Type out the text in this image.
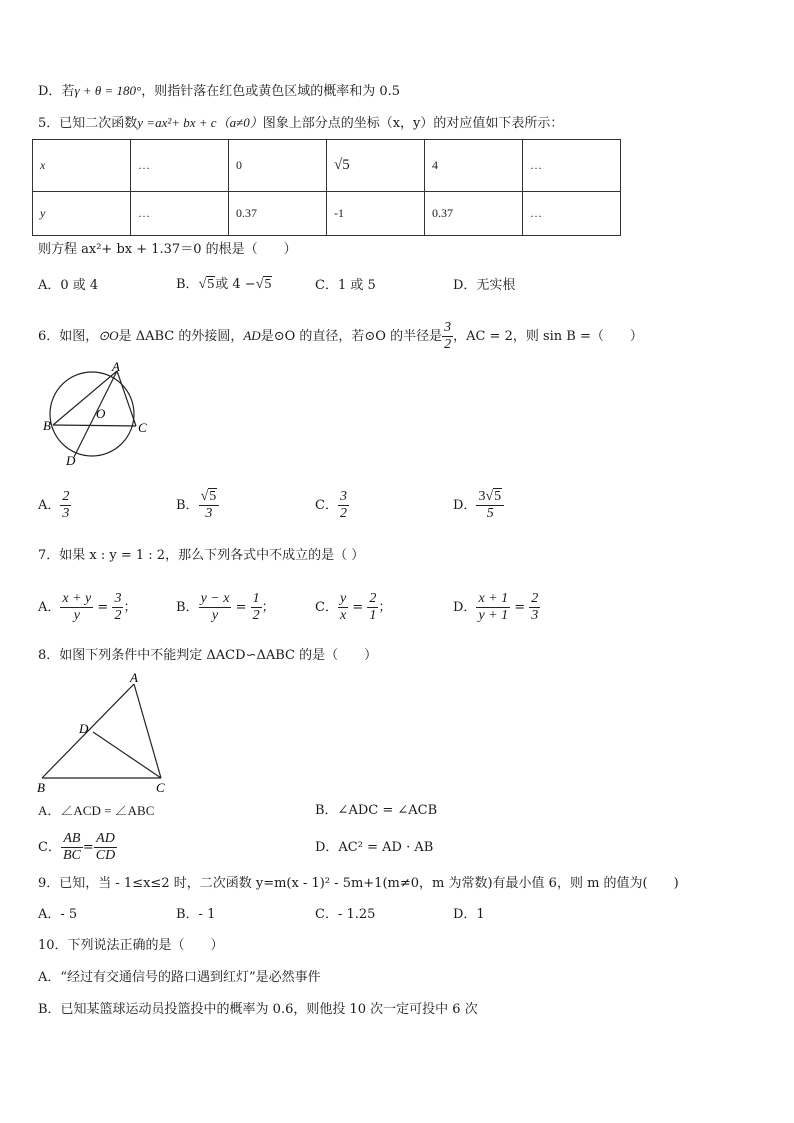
D．若γ + θ = 180°，则指针落在红色或黄色区域的概率和为 0.5
5．已知二次函数y =ax²+ bx + c（a≠0）图象上部分点的坐标（x，y）的对应值如下表所示：
x	…	0	√5	4	…
y	…	0.37	-1	0.37	…
则方程 ax²+ bx + 1.37＝0 的根是（　　）
A．0 或 4	B．√5或 4 −√5	C．1 或 5	D．无实根
6．如图，⊙O是 ΔABC 的外接圆，AD是⊙O 的直径，若⊙O 的半径是 $\frac{3}{2}$ ，AC = 2，则 sin B =（　　）
A
B	C
D
O
A． $\frac{2}{3}$	B． $\frac{√5}{3}$	C． $\frac{3}{2}$	D． $\frac{3√5}{5}$
7．如果 x : y = 1 : 2，那么下列各式中不成立的是（ ）
A． $\frac{x + y}{y} = \frac{3}{2}$ ；	B． $\frac{y - x}{y} = \frac{1}{2}$ ；	C． $\frac{y}{x} = \frac{2}{1}$ ；	D． $\frac{x + 1}{y + 1} = \frac{2}{3}$
8．如图下列条件中不能判定 ΔACD∽ΔABC 的是（　　）
A
B	C
D
A．∠ACD = ∠ABC	B．∠ADC = ∠ACB
C． $\frac{AB}{BC} = \frac{AD}{CD}$	D．AC² = AD · AB
9．已知，当 - 1≤x≤2 时，二次函数 y=m(x - 1)² - 5m+1(m≠0，m 为常数)有最小值 6，则 m 的值为(　　)
A．- 5	B．- 1	C．- 1.25	D．1
10．下列说法正确的是（　　）
A．“经过有交通信号的路口遇到红灯”是必然事件
B．已知某篮球运动员投篮投中的概率为 0.6，则他投 10 次一定可投中 6 次
